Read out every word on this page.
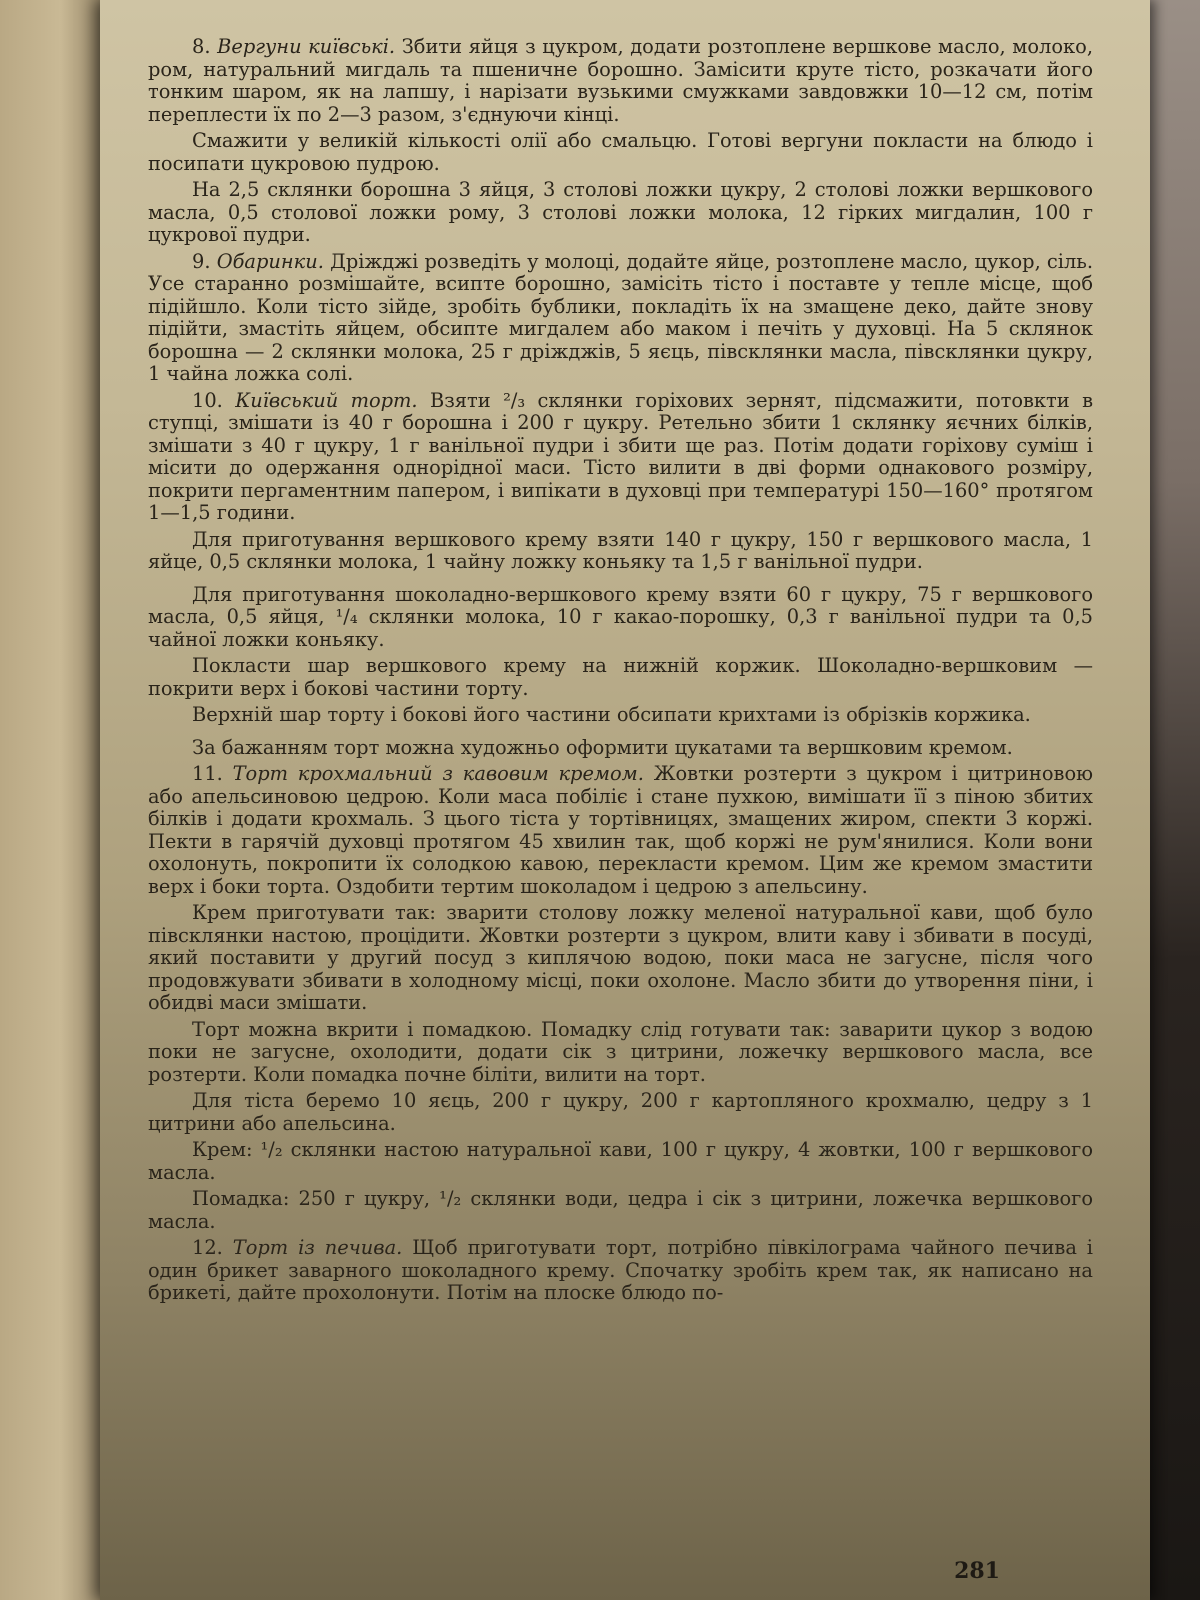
8. Вергуни київські. Збити яйця з цукром, додати розтоплене вершкове масло, молоко, ром, натуральний мигдаль та пшеничне борошно. Замісити круте тісто, розкачати його тонким шаром, як на лапшу, і нарізати вузькими смужками завдовжки 10—12 см, потім переплести їх по 2—3 разом, з'єднуючи кінці.

Смажити у великій кількості олії або смальцю. Готові вергуни покласти на блюдо і посипати цукровою пудрою.

На 2,5 склянки борошна 3 яйця, 3 столові ложки цукру, 2 столові ложки вершкового масла, 0,5 столової ложки рому, 3 столові ложки молока, 12 гірких мигдалин, 100 г цукрової пудри.

9. Обаринки. Дріжджі розведіть у молоці, додайте яйце, розтоплене масло, цукор, сіль. Усе старанно розмішайте, всипте борошно, замісіть тісто і поставте у тепле місце, щоб підійшло. Коли тісто зійде, зробіть бублики, покладіть їх на змащене деко, дайте знову підійти, змастіть яйцем, обсипте мигдалем або маком і печіть у духовці. На 5 склянок борошна — 2 склянки молока, 25 г дріжджів, 5 яєць, півсклянки масла, півсклянки цукру, 1 чайна ложка солі.

10. Київський торт. Взяти ²/₃ склянки горіхових зернят, підсмажити, потовкти в ступці, змішати із 40 г борошна і 200 г цукру. Ретельно збити 1 склянку яєчних білків, змішати з 40 г цукру, 1 г ванільної пудри і збити ще раз. Потім додати горіхову суміш і місити до одержання однорідної маси. Тісто вилити в дві форми однакового розміру, покрити пергаментним папером, і випікати в духовці при температурі 150—160° протягом 1—1,5 години.

Для приготування вершкового крему взяти 140 г цукру, 150 г вершкового масла, 1 яйце, 0,5 склянки молока, 1 чайну ложку коньяку та 1,5 г ванільної пудри.

Для приготування шоколадно-вершкового крему взяти 60 г цукру, 75 г вершкового масла, 0,5 яйця, ¹/₄ склянки молока, 10 г какао-порошку, 0,3 г ванільної пудри та 0,5 чайної ложки коньяку.

Покласти шар вершкового крему на нижній коржик. Шоколадно-вершковим — покрити верх і бокові частини торту.

Верхній шар торту і бокові його частини обсипати крихтами із обрізків коржика.

За бажанням торт можна художньо оформити цукатами та вершковим кремом.

11. Торт крохмальний з кавовим кремом. Жовтки розтерти з цукром і цитриновою або апельсиновою цедрою. Коли маса побіліє і стане пухкою, вимішати її з піною збитих білків і додати крохмаль. З цього тіста у тортівницях, змащених жиром, спекти 3 коржі. Пекти в гарячій духовці протягом 45 хвилин так, щоб коржі не рум'янилися. Коли вони охолонуть, покропити їх солодкою кавою, перекласти кремом. Цим же кремом змастити верх і боки торта. Оздобити тертим шоколадом і цедрою з апельсину.

Крем приготувати так: зварити столову ложку меленої натуральної кави, щоб було півсклянки настою, процідити. Жовтки розтерти з цукром, влити каву і збивати в посуді, який поставити у другий посуд з киплячою водою, поки маса не загусне, після чого продовжувати збивати в холодному місці, поки охолоне. Масло збити до утворення піни, і обидві маси змішати.

Торт можна вкрити і помадкою. Помадку слід готувати так: заварити цукор з водою поки не загусне, охолодити, додати сік з цитрини, ложечку вершкового масла, все розтерти. Коли помадка почне біліти, вилити на торт.

Для тіста беремо 10 яєць, 200 г цукру, 200 г картопляного крохмалю, цедру з 1 цитрини або апельсина.

Крем: ¹/₂ склянки настою натуральної кави, 100 г цукру, 4 жовтки, 100 г вершкового масла.

Помадка: 250 г цукру, ¹/₂ склянки води, цедра і сік з цитрини, ложечка вершкового масла.

12. Торт із печива. Щоб приготувати торт, потрібно півкілограма чайного печива і один брикет заварного шоколадного крему. Спочатку зробіть крем так, як написано на брикеті, дайте прохолонути. Потім на плоске блюдо по-

281
